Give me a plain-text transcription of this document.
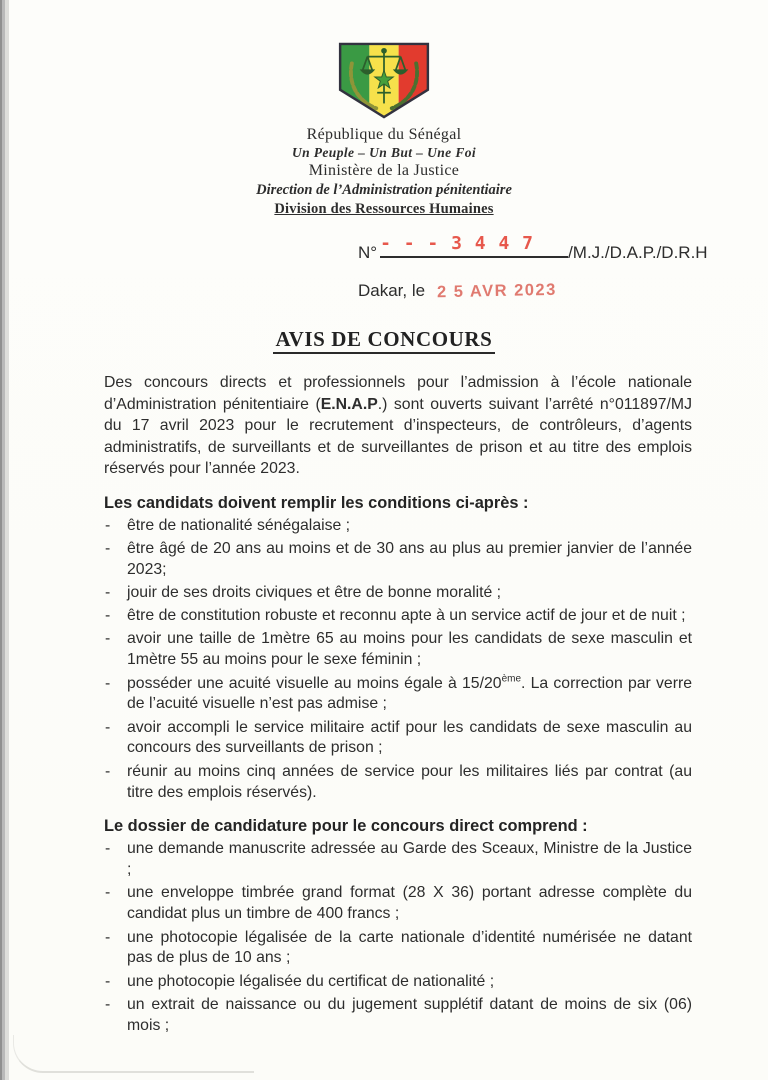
République du Sénégal
Un Peuple – Un But – Une Foi
Ministère de la Justice
Direction de l’Administration pénitentiaire
Division des Ressources Humaines
N° - - - 3 4 4 7 /M.J./D.A.P./D.R.H
Dakar, le 2 5 AVR 2023
AVIS DE CONCOURS

Des concours directs et professionnels pour l’admission à l’école nationale d’Administration pénitentiaire (E.N.A.P.) sont ouverts suivant l’arrêté n°011897/MJ du 17 avril 2023 pour le recrutement d’inspecteurs, de contrôleurs, d’agents administratifs, de surveillants et de surveillantes de prison et au titre des emplois réservés pour l’année 2023.

Les candidats doivent remplir les conditions ci-après :
- être de nationalité sénégalaise ;
- être âgé de 20 ans au moins et de 30 ans au plus au premier janvier de l’année 2023;
- jouir de ses droits civiques et être de bonne moralité ;
- être de constitution robuste et reconnu apte à un service actif de jour et de nuit ;
- avoir une taille de 1mètre 65 au moins pour les candidats de sexe masculin et 1mètre 55 au moins pour le sexe féminin ;
- posséder une acuité visuelle au moins égale à 15/20ème. La correction par verre de l’acuité visuelle n’est pas admise ;
- avoir accompli le service militaire actif pour les candidats de sexe masculin au concours des surveillants de prison ;
- réunir au moins cinq années de service pour les militaires liés par contrat (au titre des emplois réservés).
Le dossier de candidature pour le concours direct comprend :
- une demande manuscrite adressée au Garde des Sceaux, Ministre de la Justice ;
- une enveloppe timbrée grand format (28 X 36) portant adresse complète du candidat plus un timbre de 400 francs ;
- une photocopie légalisée de la carte nationale d’identité numérisée ne datant pas de plus de 10 ans ;
- une photocopie légalisée du certificat de nationalité ;
- un extrait de naissance ou du jugement supplétif datant de moins de six (06) mois ;
